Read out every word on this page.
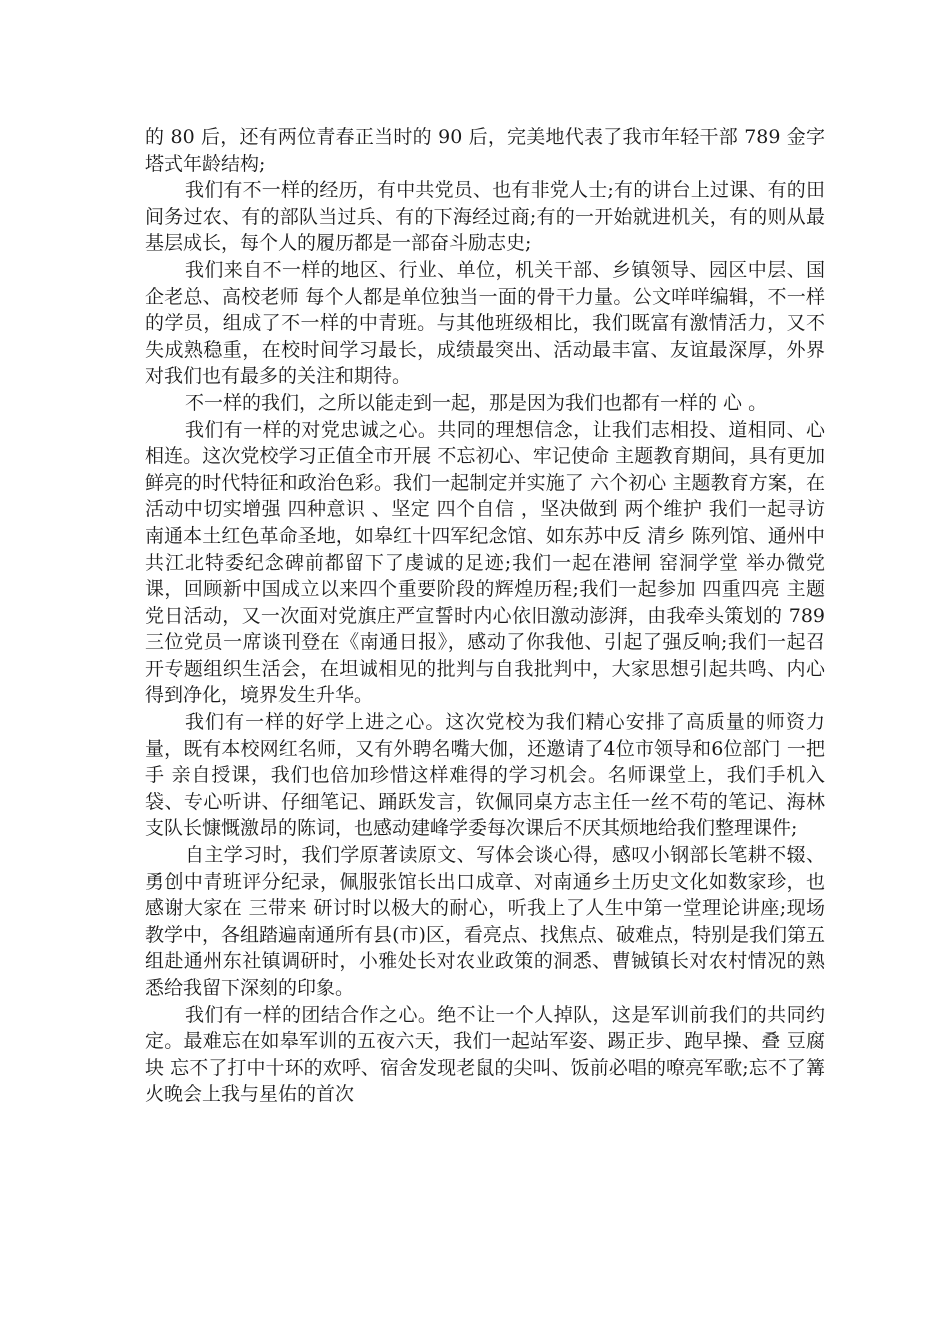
的 80 后，还有两位青春正当时的 90 后，完美地代表了我市年轻干部 789 金字塔式年龄结构;

我们有不一样的经历，有中共党员、也有非党人士;有的讲台上过课、有的田间务过农、有的部队当过兵、有的下海经过商;有的一开始就进机关，有的则从最基层成长，每个人的履历都是一部奋斗励志史;

我们来自不一样的地区、行业、单位，机关干部、乡镇领导、园区中层、国企老总、高校老师 每个人都是单位独当一面的骨干力量。公文咩咩编辑，不一样的学员，组成了不一样的中青班。与其他班级相比，我们既富有激情活力，又不失成熟稳重，在校时间学习最长，成绩最突出、活动最丰富、友谊最深厚，外界对我们也有最多的关注和期待。

不一样的我们，之所以能走到一起，那是因为我们也都有一样的 心 。

我们有一样的对党忠诚之心。共同的理想信念，让我们志相投、道相同、心相连。这次党校学习正值全市开展 不忘初心、牢记使命 主题教育期间，具有更加鲜亮的时代特征和政治色彩。我们一起制定并实施了 六个初心 主题教育方案，在活动中切实增强 四种意识 、坚定 四个自信 ，坚决做到 两个维护 我们一起寻访南通本土红色革命圣地，如皋红十四军纪念馆、如东苏中反 清乡 陈列馆、通州中共江北特委纪念碑前都留下了虔诚的足迹;我们一起在港闸 窑洞学堂 举办微党课，回顾新中国成立以来四个重要阶段的辉煌历程;我们一起参加 四重四亮 主题党日活动，又一次面对党旗庄严宣誓时内心依旧激动澎湃，由我牵头策划的 789 三位党员一席谈刊登在《南通日报》，感动了你我他、引起了强反响;我们一起召开专题组织生活会，在坦诚相见的批判与自我批判中，大家思想引起共鸣、内心得到净化，境界发生升华。

我们有一样的好学上进之心。这次党校为我们精心安排了高质量的师资力量，既有本校网红名师，又有外聘名嘴大伽，还邀请了4位市领导和6位部门 一把手 亲自授课，我们也倍加珍惜这样难得的学习机会。名师课堂上，我们手机入袋、专心听讲、仔细笔记、踊跃发言，钦佩同桌方志主任一丝不苟的笔记、海林支队长慷慨激昂的陈词，也感动建峰学委每次课后不厌其烦地给我们整理课件;

自主学习时，我们学原著读原文、写体会谈心得，感叹小钢部长笔耕不辍、勇创中青班评分纪录，佩服张馆长出口成章、对南通乡土历史文化如数家珍，也感谢大家在 三带来 研讨时以极大的耐心，听我上了人生中第一堂理论讲座;现场教学中，各组踏遍南通所有县(市)区，看亮点、找焦点、破难点，特别是我们第五组赴通州东社镇调研时，小雅处长对农业政策的洞悉、曹铖镇长对农村情况的熟悉给我留下深刻的印象。

我们有一样的团结合作之心。绝不让一个人掉队，这是军训前我们的共同约定。最难忘在如皋军训的五夜六天，我们一起站军姿、踢正步、跑早操、叠 豆腐块 忘不了打中十环的欢呼、宿舍发现老鼠的尖叫、饭前必唱的嘹亮军歌;忘不了篝火晚会上我与星佑的首次
